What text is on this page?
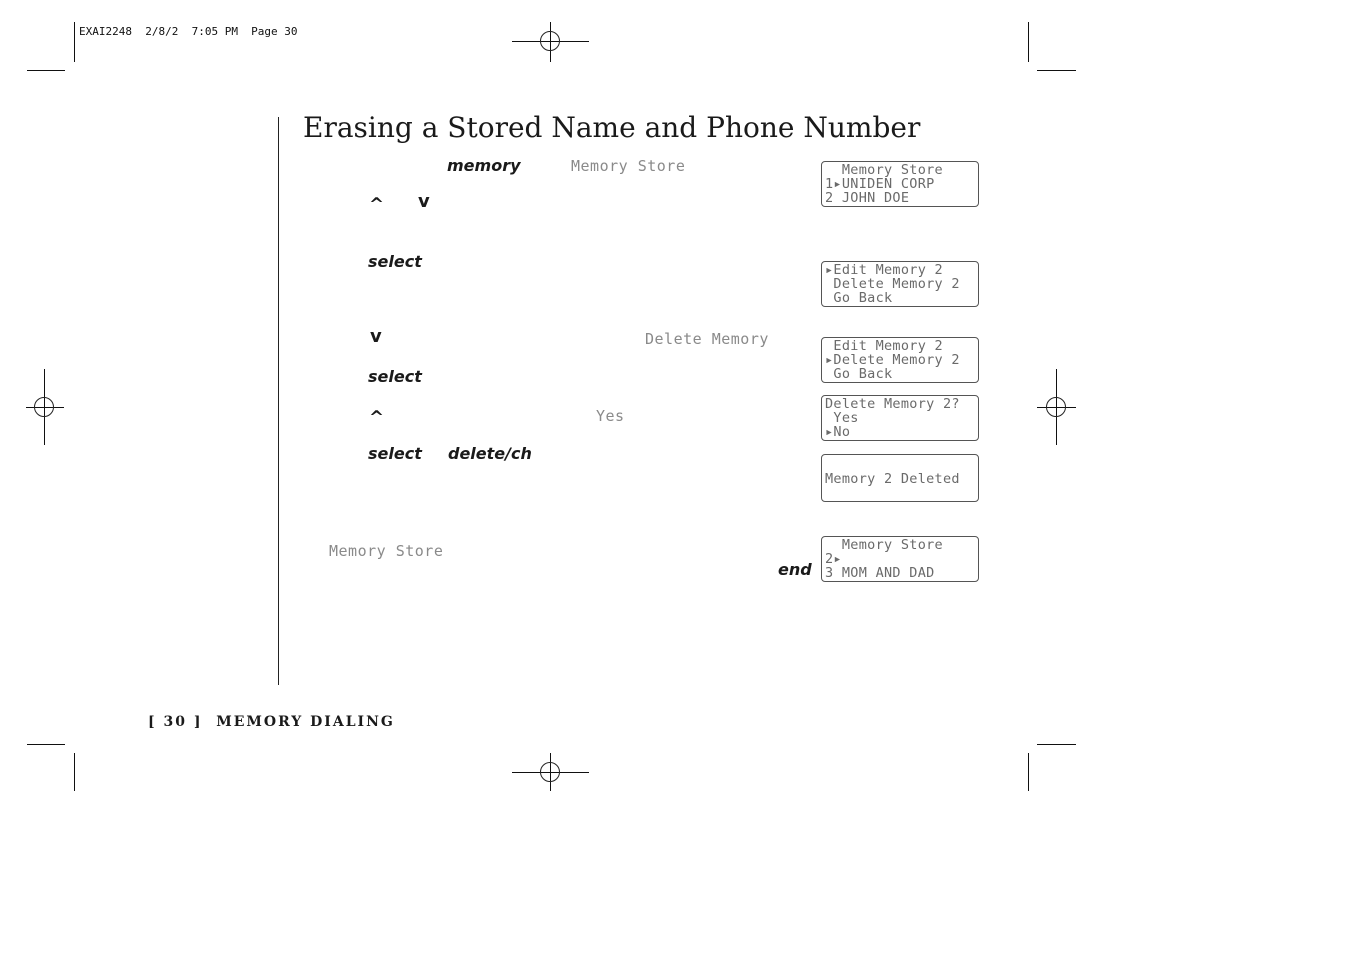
EXAI2248  2/8/2  7:05 PM  Page 30
Erasing a Stored Name and Phone Number
memory	Memory Store
^ v
select
v	Delete Memory
select
^	Yes
select delete/ch
Memory Store
end
Memory Store
1▸UNIDEN CORP
2 JOHN DOE
▸Edit Memory 2
Delete Memory 2
Go Back
Edit Memory 2
▸Delete Memory 2
Go Back
Delete Memory 2?
Yes
▸No
Memory 2 Deleted
Memory Store
2▸
3 MOM AND DAD
[ 30 ]  MEMORY DIALING
